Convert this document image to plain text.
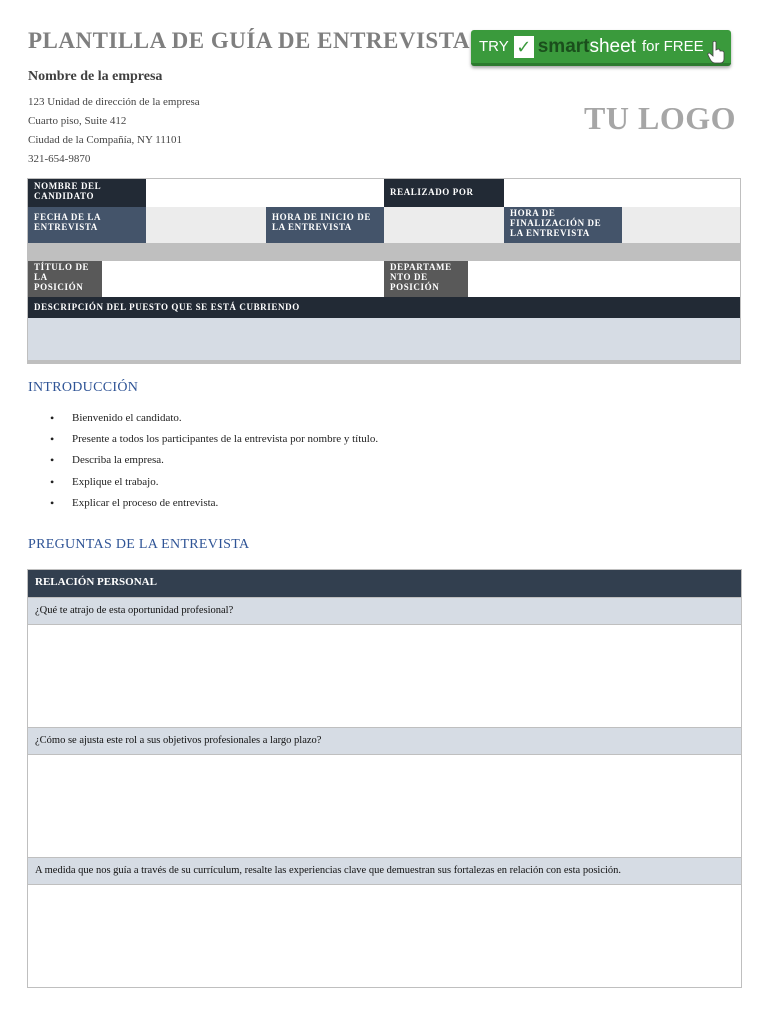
PLANTILLA DE GUÍA DE ENTREVISTA
Nombre de la empresa
123 Unidad de dirección de la empresa
Cuarto piso, Suite 412
Ciudad de la Compañía, NY 11101
321-654-9870
TU LOGO
TRY ✓ smart sheet for FREE
NOMBRE DEL CANDIDATO	REALIZADO POR
FECHA DE LA ENTREVISTA
HORA DE INICIO DE LA ENTREVISTA
HORA DE FINALIZACIÓN DE LA ENTREVISTA
TÍTULO DE LA POSICIÓN
DEPARTAME NTO DE POSICIÓN
DESCRIPCIÓN DEL PUESTO QUE SE ESTÁ CUBRIENDO
INTRODUCCIÓN
• Bienvenido el candidato.
• Presente a todos los participantes de la entrevista por nombre y título.
• Describa la empresa.
• Explique el trabajo.
• Explicar el proceso de entrevista.
PREGUNTAS DE LA ENTREVISTA
RELACIÓN PERSONAL
¿Qué te atrajo de esta oportunidad profesional?
¿Cómo se ajusta este rol a sus objetivos profesionales a largo plazo?
A medida que nos guía a través de su currículum, resalte las experiencias clave que demuestran sus fortalezas en relación con esta posición.
